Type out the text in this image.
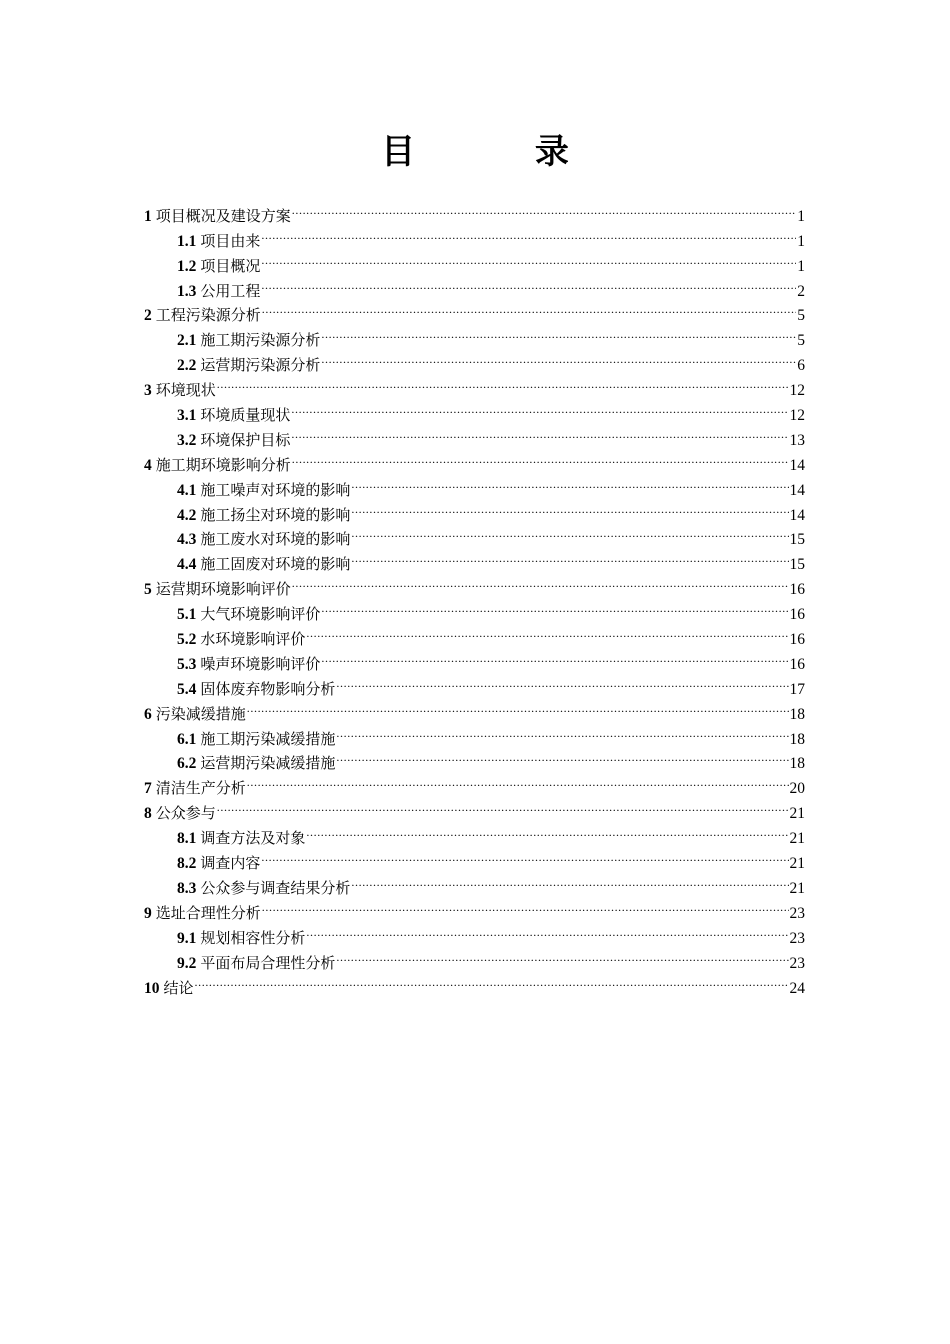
目 录
1 项目概况及建设方案 .....	1
1.1 项目由来 .....	1
1.2 项目概况 .....	1
1.3 公用工程 .....	2
2 工程污染源分析 .....	5
2.1 施工期污染源分析 .....	5
2.2 运营期污染源分析 .....	6
3 环境现状 .....	12
3.1 环境质量现状 .....	12
3.2 环境保护目标 .....	13
4 施工期环境影响分析 .....	14
4.1 施工噪声对环境的影响 .....	14
4.2 施工扬尘对环境的影响 .....	14
4.3 施工废水对环境的影响 .....	15
4.4 施工固废对环境的影响 .....	15
5 运营期环境影响评价 .....	16
5.1 大气环境影响评价 .....	16
5.2 水环境影响评价 .....	16
5.3 噪声环境影响评价 .....	16
5.4 固体废弃物影响分析 .....	17
6 污染减缓措施 .....	18
6.1 施工期污染减缓措施 .....	18
6.2 运营期污染减缓措施 .....	18
7 清洁生产分析 .....	20
8 公众参与 .....	21
8.1 调查方法及对象 .....	21
8.2 调查内容 .....	21
8.3 公众参与调查结果分析 .....	21
9 选址合理性分析 .....	23
9.1 规划相容性分析 .....	23
9.2 平面布局合理性分析 .....	23
10 结论 .....	24
